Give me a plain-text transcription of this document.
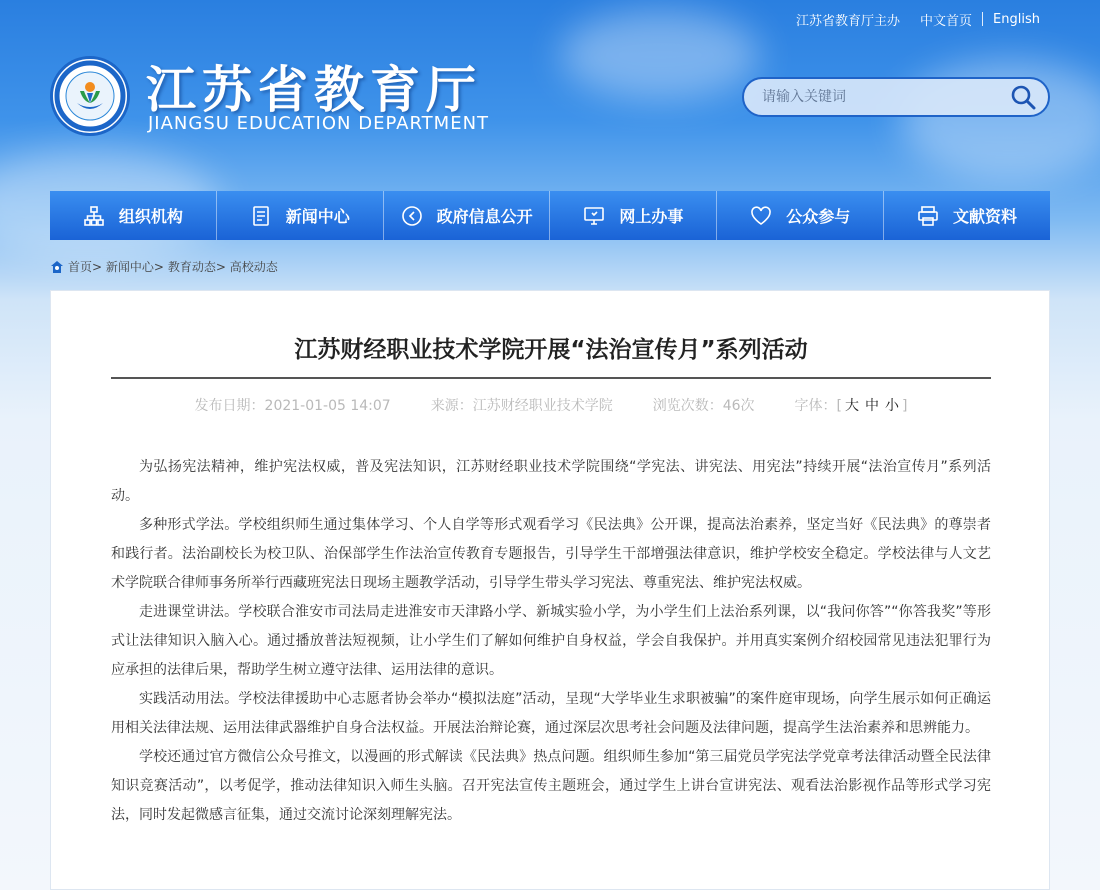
江苏省教育厅主办 中文首页 English
江苏省教育厅
JIANGSU EDUCATION DEPARTMENT
请输入关键词
组织机构	新闻中心	政府信息公开	网上办事	公众参与	文献资料
首页 >
新闻中心 >
教育动态 >
高校动态
江苏财经职业技术学院开展“法治宣传月”系列活动
发布日期：2021-01-05 14:07	来源：江苏财经职业技术学院	浏览次数：46次	字体：[ 大 中 小 ]

为弘扬宪法精神，维护宪法权威，普及宪法知识，江苏财经职业技术学院围绕“学宪法、讲宪法、用宪法”持续开展“法治宣传月”系列活动。

多种形式学法。学校组织师生通过集体学习、个人自学等形式观看学习《民法典》公开课，提高法治素养，坚定当好《民法典》的尊崇者和践行者。法治副校长为校卫队、治保部学生作法治宣传教育专题报告，引导学生干部增强法律意识，维护学校安全稳定。学校法律与人文艺术学院联合律师事务所举行西藏班宪法日现场主题教学活动，引导学生带头学习宪法、尊重宪法、维护宪法权威。

走进课堂讲法。学校联合淮安市司法局走进淮安市天津路小学、新城实验小学，为小学生们上法治系列课，以“我问你答”“你答我奖”等形式让法律知识入脑入心。通过播放普法短视频，让小学生们了解如何维护自身权益，学会自我保护。并用真实案例介绍校园常见违法犯罪行为应承担的法律后果，帮助学生树立遵守法律、运用法律的意识。

实践活动用法。学校法律援助中心志愿者协会举办“模拟法庭”活动，呈现“大学毕业生求职被骗”的案件庭审现场，向学生展示如何正确运用相关法律法规、运用法律武器维护自身合法权益。开展法治辩论赛，通过深层次思考社会问题及法律问题，提高学生法治素养和思辨能力。

学校还通过官方微信公众号推文，以漫画的形式解读《民法典》热点问题。组织师生参加“第三届党员学宪法学党章考法律活动暨全民法律知识竞赛活动”，以考促学，推动法律知识入师生头脑。召开宪法宣传主题班会，通过学生上讲台宣讲宪法、观看法治影视作品等形式学习宪法，同时发起微感言征集，通过交流讨论深刻理解宪法。
